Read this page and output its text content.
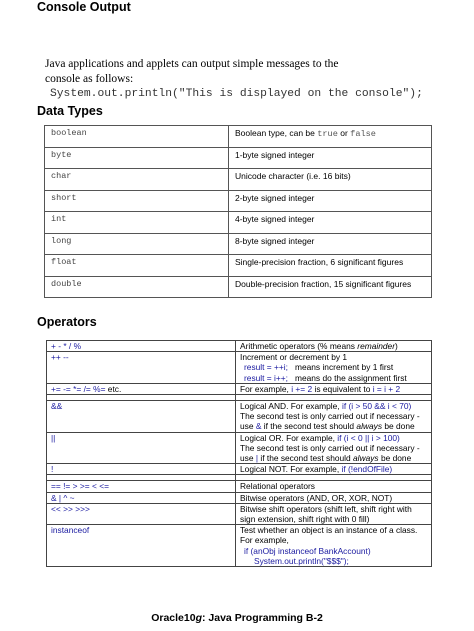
Console Output
Java applications and applets can output simple messages to the console as follows:
System.out.println("This is displayed on the console");
Data Types
boolean	Boolean type, can be true or false
byte	1-byte signed integer
char	Unicode character (i.e. 16 bits)
short	2-byte signed integer
int	4-byte signed integer
long	8-byte signed integer
float	Single-precision fraction, 6 significant figures
double	Double-precision fraction, 15 significant figures
Operators
+ - * / %	Arithmetic operators (% means remainder)
++ --	Increment or decrement by 1
result = ++i; means increment by 1 first
result = i++; means do the assignment first

+= -= *= /= %= etc.	For example, i += 2 is equivalent to i = i + 2

&&	Logical AND. For example, if (i > 50 && i < 70)
The second test is only carried out if necessary -
use & if the second test should always be done

||	Logical OR. For example, if (i < 0 || i > 100)
The second test is only carried out if necessary -
use | if the second test should always be done

!	Logical NOT. For example, if (!endOfFile)

== != > >= < <=	Relational operators
& | ^ ~	Bitwise operators (AND, OR, XOR, NOT)
<< >> >>>	Bitwise shift operators (shift left, shift right with
sign extension, shift right with 0 fill)

instanceof	Test whether an object is an instance of a class.
For example,
if (anObj instanceof BankAccount)
System.out.println("$$$");
Oracle10g: Java Programming B-2
